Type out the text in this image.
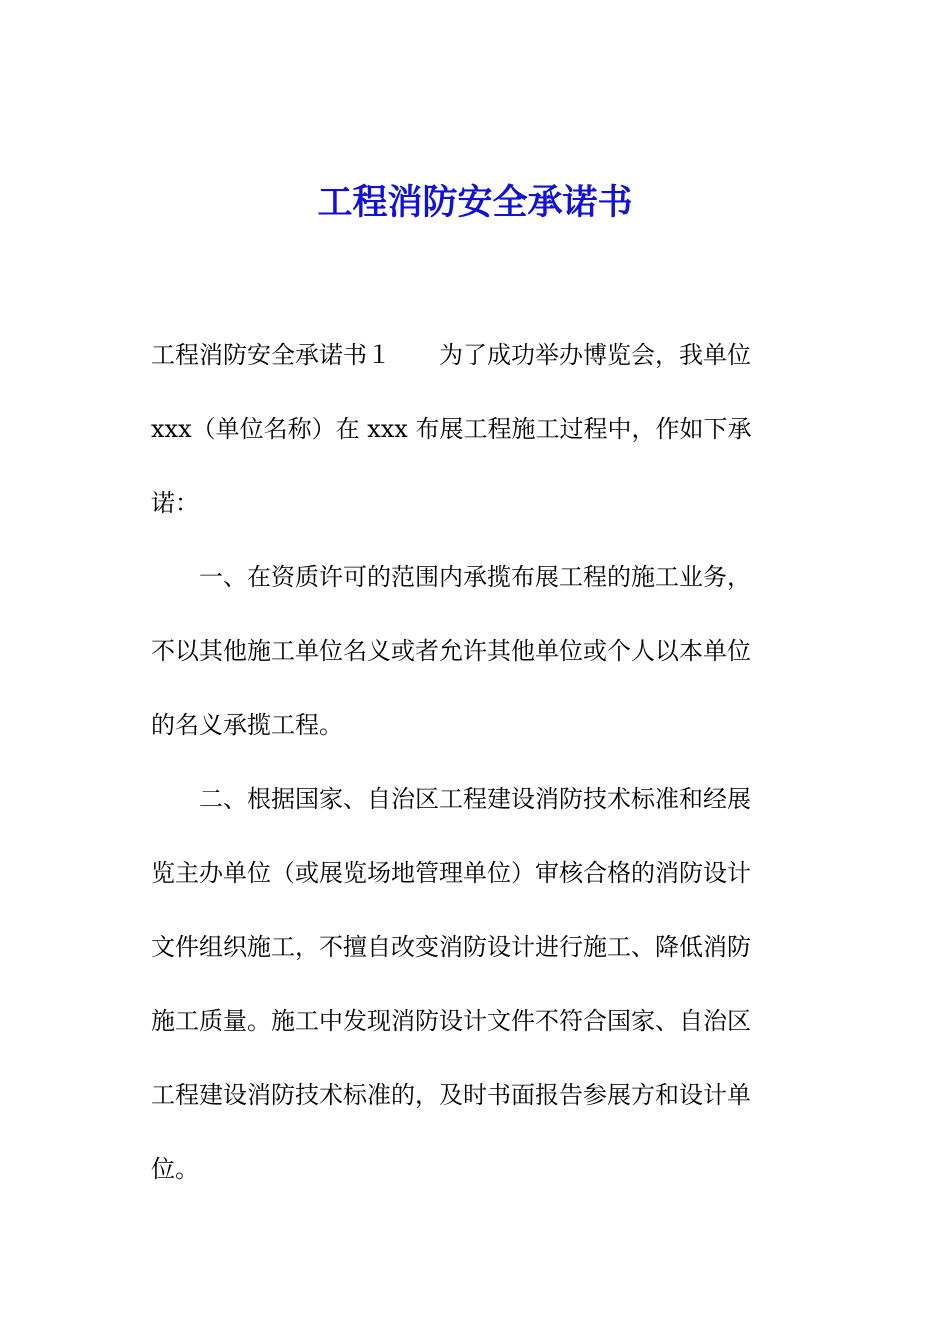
工程消防安全承诺书
工程消防安全承诺书１　　为了成功举办博览会，我单位
xxx（单位名称）在 xxx 布展工程施工过程中，作如下承
诺：
　　一、在资质许可的范围内承揽布展工程的施工业务，
不以其他施工单位名义或者允许其他单位或个人以本单位
的名义承揽工程。
　　二、根据国家、自治区工程建设消防技术标准和经展
览主办单位（或展览场地管理单位）审核合格的消防设计
文件组织施工，不擅自改变消防设计进行施工、降低消防
施工质量。施工中发现消防设计文件不符合国家、自治区
工程建设消防技术标准的，及时书面报告参展方和设计单
位。
